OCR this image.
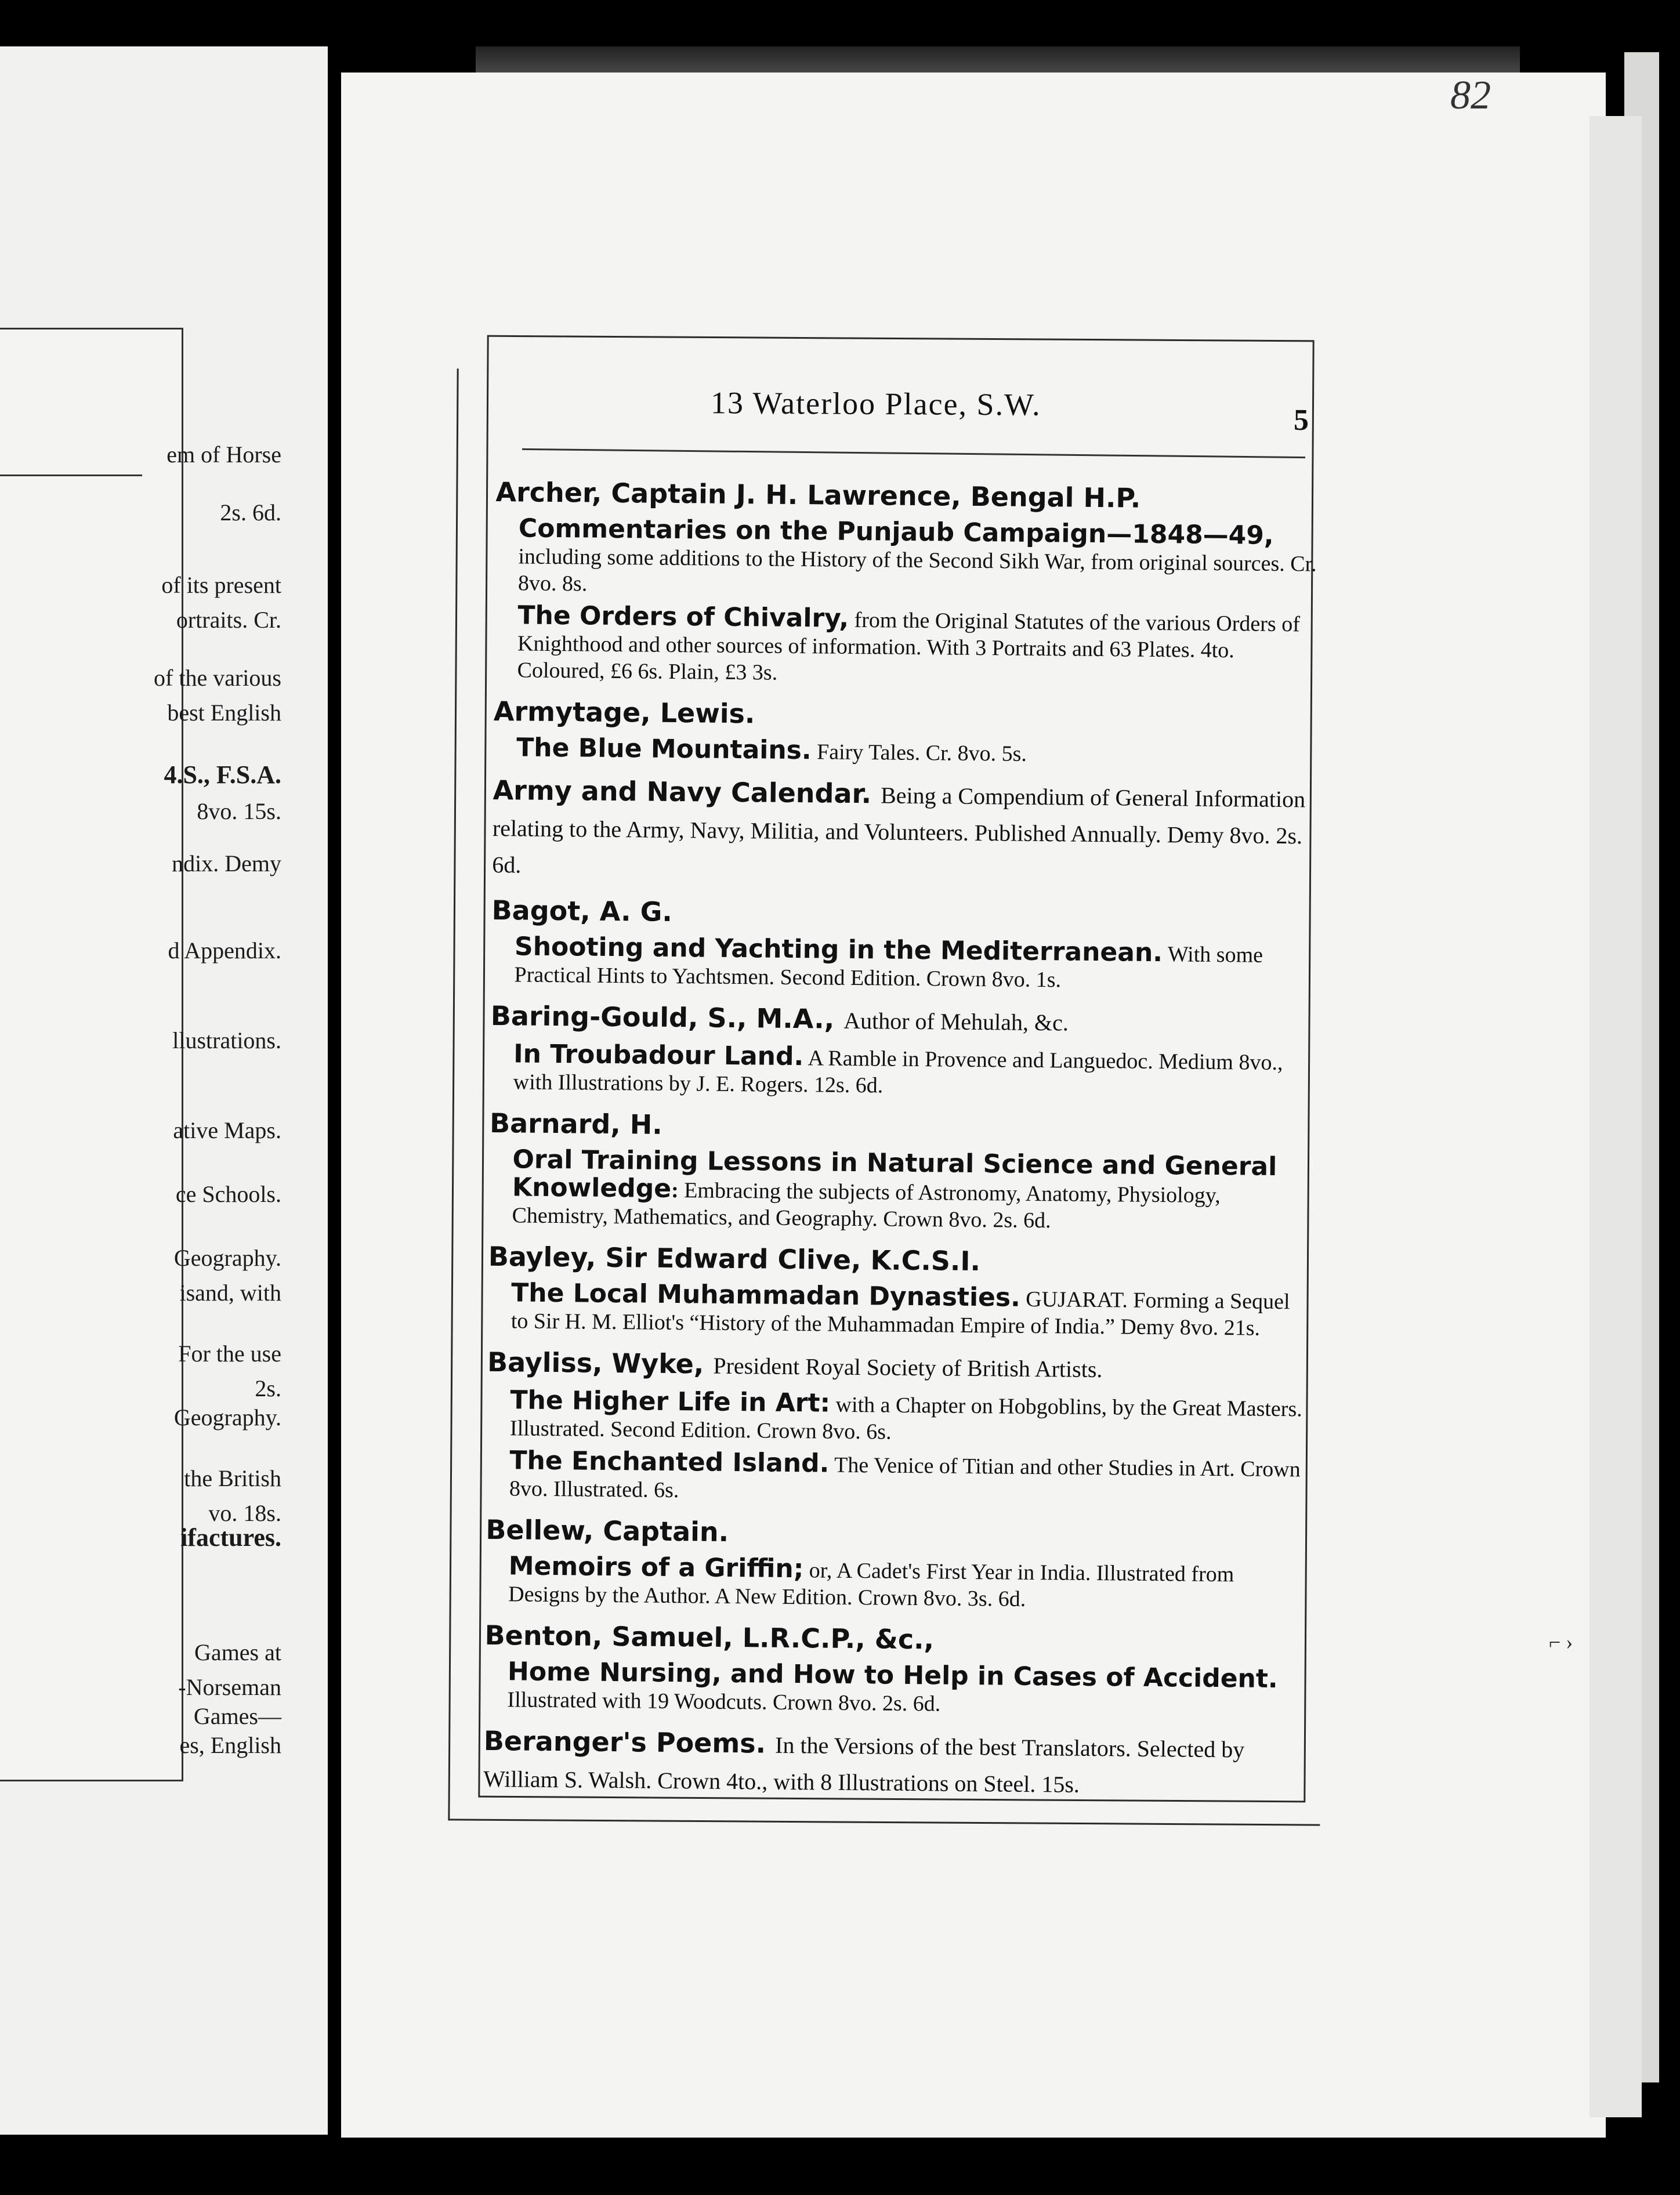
em of Horse
2s. 6d.
of its present
ortraits. Cr.
of the various
best English
4.S., F.S.A.
8vo. 15s.
ndix. Demy
d Appendix.
llustrations.
ative Maps.
ce Schools.
Geography.
isand, with
For the use
2s.
Geography.
the British
vo. 18s.
ifactures.
Games at
-Norseman
Games—
es, English
82
13 Waterloo Place, S.W.	5
Archer, Captain J. H. Lawrence, Bengal H.P.
Commentaries on the Punjaub Campaign—1848—49, including some additions to the History of the Second Sikh War, from original sources. Cr. 8vo. 8s.
The Orders of Chivalry, from the Original Statutes of the various Orders of Knighthood and other sources of information. With 3 Portraits and 63 Plates. 4to. Coloured, £6 6s. Plain, £3 3s.
Armytage, Lewis.
The Blue Mountains. Fairy Tales. Cr. 8vo. 5s.
Army and Navy Calendar. Being a Compendium of General Information relating to the Army, Navy, Militia, and Volunteers. Published Annually. Demy 8vo. 2s. 6d.
Bagot, A. G.
Shooting and Yachting in the Mediterranean. With some Practical Hints to Yachtsmen. Second Edition. Crown 8vo. 1s.
Baring-Gould, S., M.A., Author of Mehulah, &c.
In Troubadour Land. A Ramble in Provence and Languedoc. Medium 8vo., with Illustrations by J. E. Rogers. 12s. 6d.
Barnard, H.
Oral Training Lessons in Natural Science and General Knowledge: Embracing the subjects of Astronomy, Anatomy, Physiology, Chemistry, Mathematics, and Geography. Crown 8vo. 2s. 6d.
Bayley, Sir Edward Clive, K.C.S.I.
The Local Muhammadan Dynasties. GUJARAT. Forming a Sequel to Sir H. M. Elliot's “History of the Muhammadan Empire of India.” Demy 8vo. 21s.
Bayliss, Wyke, President Royal Society of British Artists.
The Higher Life in Art: with a Chapter on Hobgoblins, by the Great Masters. Illustrated. Second Edition. Crown 8vo. 6s.
The Enchanted Island. The Venice of Titian and other Studies in Art. Crown 8vo. Illustrated. 6s.
Bellew, Captain.
Memoirs of a Griffin; or, A Cadet's First Year in India. Illustrated from Designs by the Author. A New Edition. Crown 8vo. 3s. 6d.
Benton, Samuel, L.R.C.P., &c.,
Home Nursing, and How to Help in Cases of Accident. Illustrated with 19 Woodcuts. Crown 8vo. 2s. 6d.
Beranger's Poems. In the Versions of the best Translators. Selected by William S. Walsh. Crown 4to., with 8 Illustrations on Steel. 15s.
⌐ ›
